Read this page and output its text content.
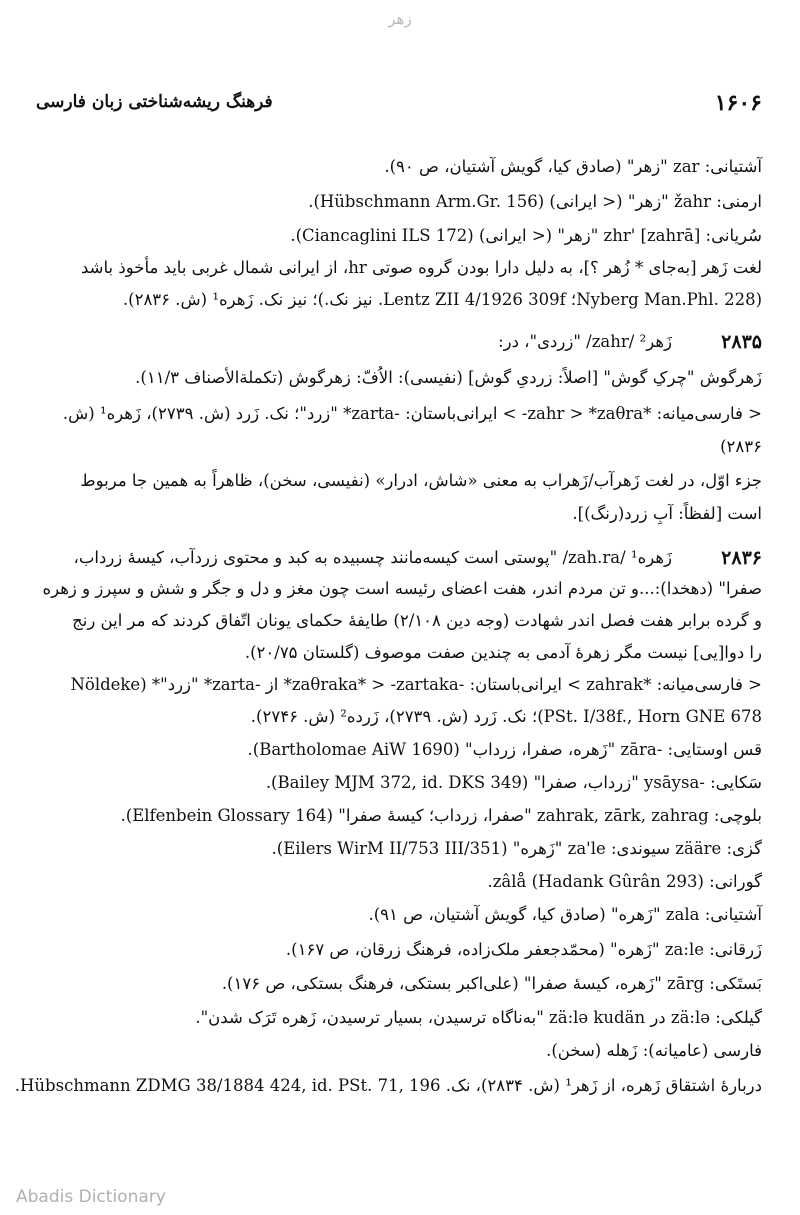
زهر
۱۶۰۶
فرهنگ ریشه‌شناختی زبان فارسی
آشتیانی: zar "زهر" (صادق کیا، گویش آشتیان، ص ۹۰).
ارمنی: žahr "زهر" (< ایرانی) (Hübschmann Arm.Gr. 156).
سُریانی: zhr' [zahrā] "زهر" (< ایرانی) (Ciancaglini ILS 172).
لغت زَهر [به‌جای * زُهر ؟]، به دلیل دارا بودن گروه صوتی hr، از ایرانی شمال غربی باید مأخوذ باشد
(Nyberg Man.Phl. 228؛ Lentz ZII 4/1926 309f. نیز نک.)؛ نیز نک. زَهره¹ (ش. ۲۸۳۶).
۲۸۳۵
زَهر² /zahr/ "زردی"، در:
زَهرگوش "چرکِ گوش" [اصلاً: زردیِ گوش] (نفیسی): الاُفّ: زهرگوش (تکملة‌الأصناف ۱۱/۳).
< فارسی‌میانه: *zahr > *zaθra- > ایرانی‌باستان: -zarta* "زرد"؛ نک. زَرد (ش. ۲۷۳۹)، زَهره¹ (ش.
۲۸۳۶)
جزء اوّل، در لغت زَهرآب/زَهراب به معنی «شاش، ادرار» (نفیسی، سخن)، ظاهراً به همین جا مربوط
است [لفظاً: آبِ زرد(رنگ)].
۲۸۳۶
زَهره¹ /zah.ra/ "پوستی است کیسه‌مانند چسبیده به کبد و محتوی زردآب، کیسهٔ زرداب،
صفرا" (دهخدا):...و تن مردم اندر، هفت اعضای رئیسه است چون مغز و دل و جگر و شش و سپرز و زهره
و گرده برابر هفت فصل اندر شهادت (وجه دین ۲/۱۰۸) طایفهٔ حکمای یونان اتّفاق کردند که مر این رنج
را دوا[یی] نیست مگر زهرهٔ آدمی به چندین صفت موصوف (گلستان ۲۰/۷۵).
< فارسی‌میانه: *zahrak > ایرانی‌باستان: -zaθraka* > -zartaka* از -zarta* "زرد"* (Nöldeke
PSt. I/38f., Horn GNE 678)؛ نک. زَرد (ش. ۲۷۳۹)، زَرده² (ش. ۲۷۴۶).
قس اوستایی: -zāra "زَهره، صفرا، زرداب" (Bartholomae AiW 1690).
سَکایی: -ysāysa "زرداب، صفرا" (Bailey MJM 372, id. DKS 349).
بلوچی: zahrak, zārk, zahrag "صفرا، زرداب؛ کیسهٔ صفرا" (Elfenbein Glossary 164).
گزی: zääre سیوندی: za'le "زَهره" (Eilers WirM II/753 III/351).
گورانی: zâlå (Hadank Gûrân 293).
آشتیانی: zala "زَهره" (صادق کیا، گویش آشتیان، ص ۹۱).
زَرقانی: za:le "زَهره" (محمّدجعفر ملک‌زاده، فرهنگ زرقان، ص ۱۶۷).
بَستَکی: zārg "زَهره، کیسهٔ صفرا" (علی‌اکبر بستکی، فرهنگ بستکی، ص ۱۷۶).
گیلکی: zä:lə در zä:lə kudän "به‌ناگاه ترسیدن، بسیار ترسیدن، زَهره تَرَک شدن".
فارسی (عامیانه): زَهله (سخن).
دربارهٔ اشتقاق زَهره، از زَهر¹ (ش. ۲۸۳۴)، نک. Hübschmann ZDMG 38/1884 424, id. PSt. 71, 196.
Abadis Dictionary
